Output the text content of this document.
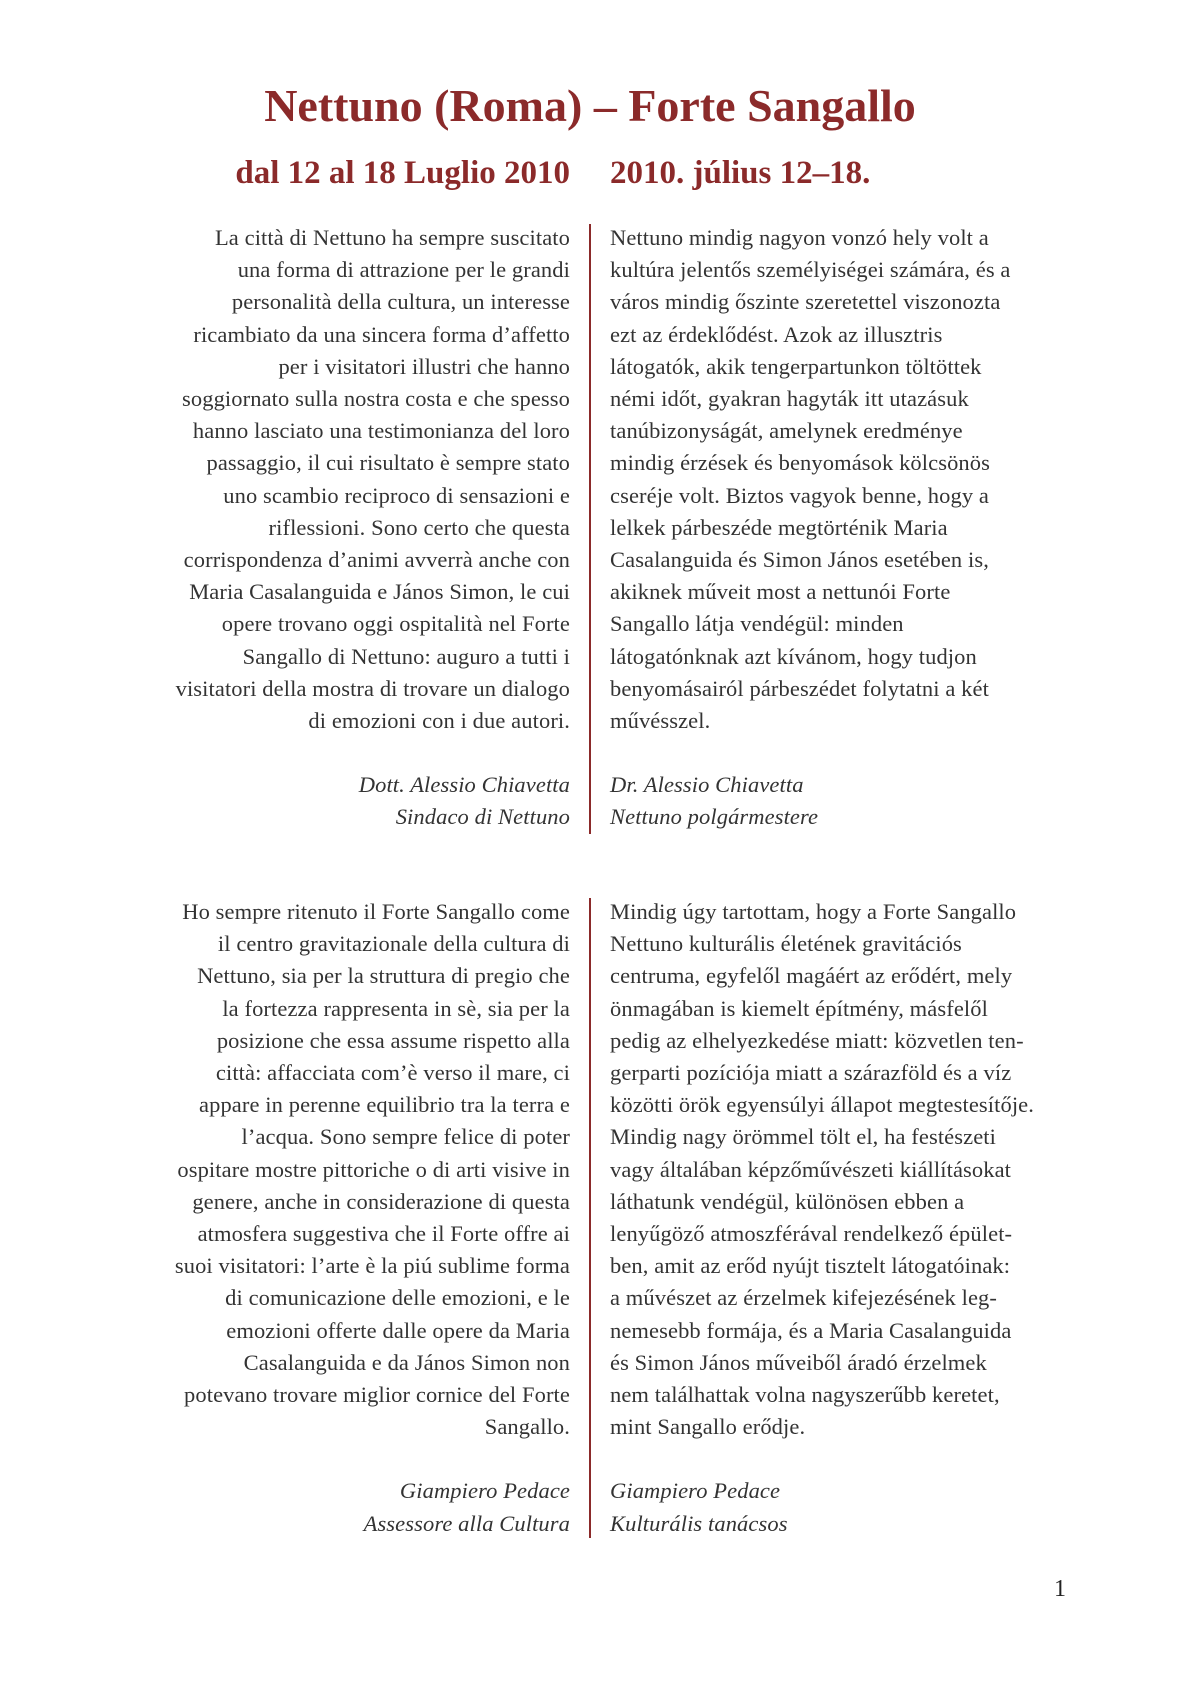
Nettuno (Roma) – Forte Sangallo
dal 12 al 18 Luglio 2010 2010. július 12–18.

La città di Nettuno ha sempre suscitato

una forma di attrazione per le grandi

personalità della cultura, un interesse

ricambiato da una sincera forma d’affetto

per i visitatori illustri che hanno

soggiornato sulla nostra costa e che spesso

hanno lasciato una testimonianza del loro

passaggio, il cui risultato è sempre stato

uno scambio reciproco di sensazioni e

riflessioni. Sono certo che questa

corrispondenza d’animi avverrà anche con

Maria Casalanguida e János Simon, le cui

opere trovano oggi ospitalità nel Forte

Sangallo di Nettuno: auguro a tutti i

visitatori della mostra di trovare un dialogo

di emozioni con i due autori.

Dott. Alessio Chiavetta
Sindaco di Nettuno

Nettuno mindig nagyon vonzó hely volt a

kultúra jelentős személyiségei számára, és a

város mindig őszinte szeretettel viszonozta

ezt az érdeklődést. Azok az illusztris

látogatók, akik tengerpartunkon töltöttek

némi időt, gyakran hagyták itt utazásuk

tanúbizonyságát, amelynek eredménye

mindig érzések és benyomások kölcsönös

cseréje volt. Biztos vagyok benne, hogy a

lelkek párbeszéde megtörténik Maria

Casalanguida és Simon János esetében is,

akiknek műveit most a nettunói Forte

Sangallo látja vendégül: minden

látogatónknak azt kívánom, hogy tudjon

benyomásairól párbeszédet folytatni a két

művésszel.

Dr. Alessio Chiavetta
Nettuno polgármestere

Ho sempre ritenuto il Forte Sangallo come

il centro gravitazionale della cultura di

Nettuno, sia per la struttura di pregio che

la fortezza rappresenta in sè, sia per la

posizione che essa assume rispetto alla

città: affacciata com’è verso il mare, ci

appare in perenne equilibrio tra la terra e

l’acqua. Sono sempre felice di poter

ospitare mostre pittoriche o di arti visive in

genere, anche in considerazione di questa

atmosfera suggestiva che il Forte offre ai

suoi visitatori: l’arte è la piú sublime forma

di comunicazione delle emozioni, e le

emozioni offerte dalle opere da Maria

Casalanguida e da János Simon non

potevano trovare miglior cornice del Forte

Sangallo.

Giampiero Pedace
Assessore alla Cultura

Mindig úgy tartottam, hogy a Forte Sangallo

Nettuno kulturális életének gravitációs

centruma, egyfelől magáért az erődért, mely

önmagában is kiemelt építmény, másfelől

pedig az elhelyezkedése miatt: közvetlen ten-

gerparti pozíciója miatt a szárazföld és a víz

közötti örök egyensúlyi állapot megtestesítője.

Mindig nagy örömmel tölt el, ha festészeti

vagy általában képzőművészeti kiállításokat

láthatunk vendégül, különösen ebben a

lenyűgöző atmoszférával rendelkező épület-

ben, amit az erőd nyújt tisztelt látogatóinak:

a művészet az érzelmek kifejezésének leg-

nemesebb formája, és a Maria Casalanguida

és Simon János műveiből áradó érzelmek

nem találhattak volna nagyszerűbb keretet,

mint Sangallo erődje.

Giampiero Pedace
Kulturális tanácsos
1
